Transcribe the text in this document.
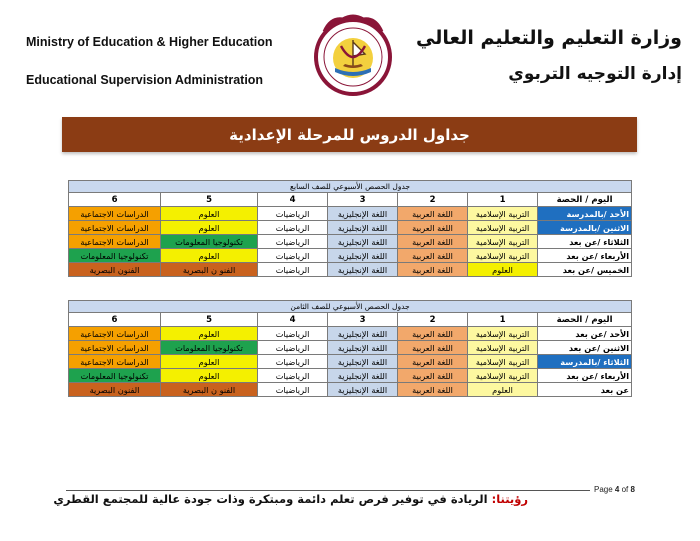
Ministry of Education & Higher Education
Educational Supervision Administration
وزارة التعليم والتعليم العالي
إدارة التوجيه التربوي
جداول الدروس للمرحلة الإعدادية
جدول الحصص الأسبوعي للصف السابع						
اليوم / الحصة	1	2	3	4	5	6
الأحد /بالمدرسة	التربية الإسلامية	اللغة العربية	اللغة الإنجليزية	الرياضيات	العلوم	الدراسات الاجتماعية
الاثنين /بالمدرسة	التربية الإسلامية	اللغة العربية	اللغة الإنجليزية	الرياضيات	العلوم	الدراسات الاجتماعية
الثلاثاء /عن بعد	التربية الإسلامية	اللغة العربية	اللغة الإنجليزية	الرياضيات	تكنولوجيا المعلومات	الدراسات الاجتماعية
الأربعاء /عن بعد	التربية الإسلامية	اللغة العربية	اللغة الإنجليزية	الرياضيات	العلوم	تكنولوجيا المعلومات
الخميس /عن بعد	العلوم	اللغة العربية	اللغة الإنجليزية	الرياضيات	الفنو ن البصرية	الفنون البصرية
جدول الحصص الأسبوعي للصف الثامن						
اليوم / الحصة	1	2	3	4	5	6
الأحد /عن بعد	التربية الإسلامية	اللغة العربية	اللغة الإنجليزية	الرياضيات	العلوم	الدراسات الاجتماعية
الاثنين /عن بعد	التربية الإسلامية	اللغة العربية	اللغة الإنجليزية	الرياضيات	تكنولوجيا المعلومات	الدراسات الاجتماعية
الثلاثاء /بالمدرسة	التربية الإسلامية	اللغة العربية	اللغة الإنجليزية	الرياضيات	العلوم	الدراسات الاجتماعية
الأربعاء /عن بعد	التربية الإسلامية	اللغة العربية	اللغة الإنجليزية	الرياضيات	العلوم	تكنولوجيا المعلومات
عن بعد	العلوم	اللغة العربية	اللغة الإنجليزية	الرياضيات	الفنو ن البصرية	الفنون البصرية
Page 4 of 8
رؤيتنا: الريادة في توفير فرص تعلم دائمة ومبتكرة وذات جودة عالية للمجتمع القطري
